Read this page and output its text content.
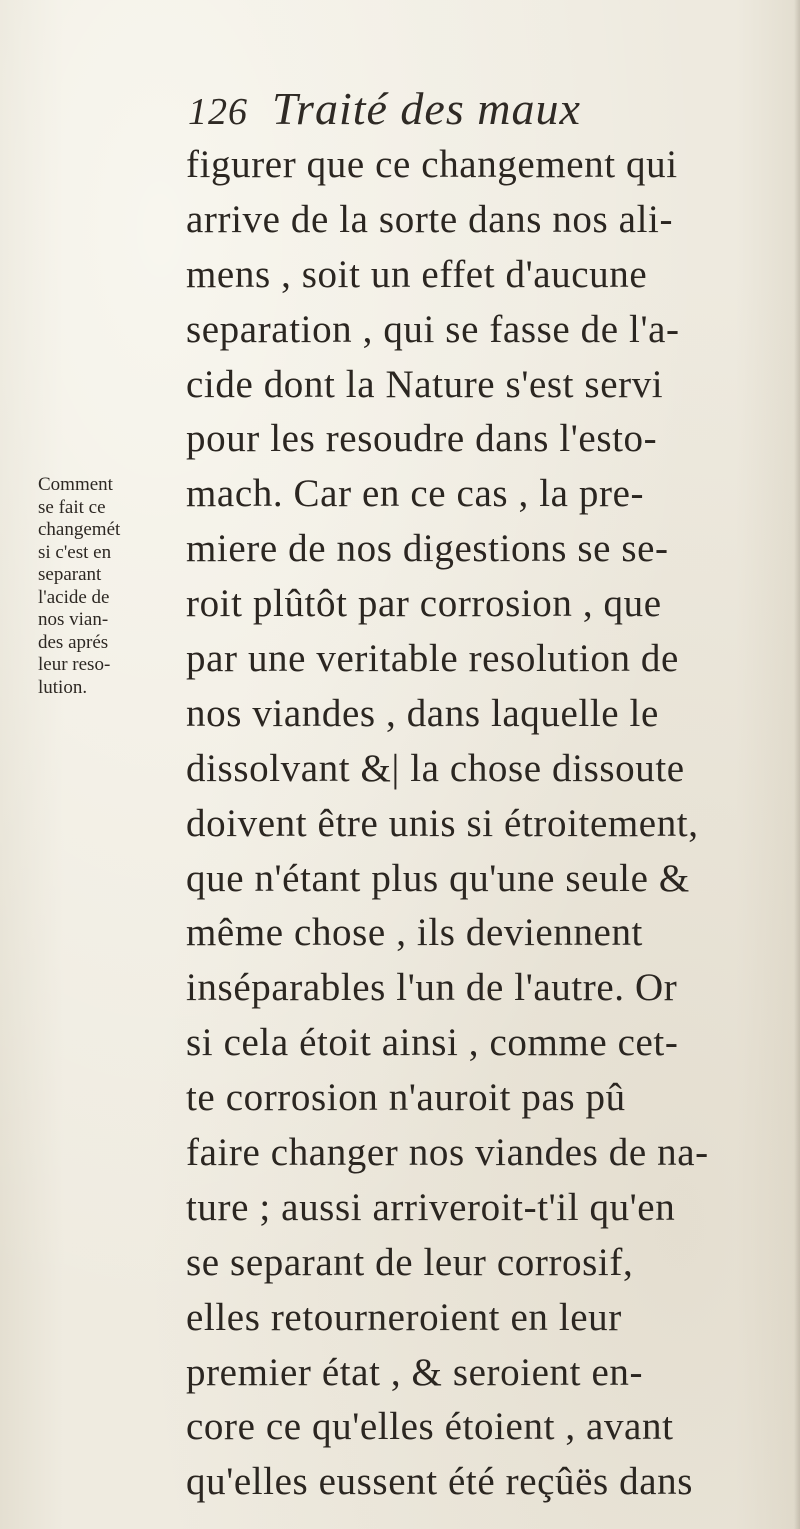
126 Traité des maux
Comment
se fait ce
changemét
si c'est en
separant
l'acide de
nos vian-
des aprés
leur reso-
lution.
figurer que ce changement qui
arrive de la sorte dans nos ali-
mens , soit un effet d'aucune
separation , qui se fasse de l'a-
cide dont la Nature s'est servi
pour les resoudre dans l'esto-
mach. Car en ce cas , la pre-
miere de nos digestions se se-
roit plûtôt par corrosion , que
par une veritable resolution de
nos viandes , dans laquelle le
dissolvant &| la chose dissoute
doivent être unis si étroitement,
que n'étant plus qu'une seule &
même chose , ils deviennent
inséparables l'un de l'autre. Or
si cela étoit ainsi , comme cet-
te corrosion n'auroit pas pû
faire changer nos viandes de na-
ture ; aussi arriveroit-t'il qu'en
se separant de leur corrosif,
elles retourneroient en leur
premier état , & seroient en-
core ce qu'elles étoient , avant
qu'elles eussent été reçûës dans
